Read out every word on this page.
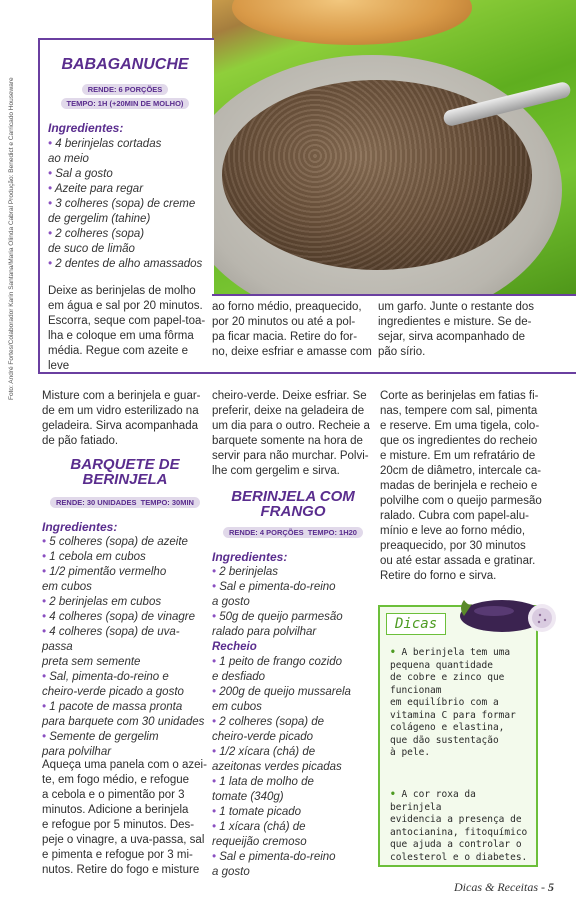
Foto: André Fortes/Colaborador Karin Santana/Maria Olinda Cabral Produção: Benedict e Carricado Houseware
BABAGANUCHE
RENDE: 6 PORÇÕES
TEMPO: 1H (+20MIN DE MOLHO)
Ingredientes:
• 4 berinjelas cortadas
ao meio
• Sal a gosto
• Azeite para regar
• 3 colheres (sopa) de creme
de gergelim (tahine)
• 2 colheres (sopa)
de suco de limão
• 2 dentes de alho amassados
Deixe as berinjelas de molho
em água e sal por 20 minutos.
Escorra, seque com papel-toa-
lha e coloque em uma fôrma
média. Regue com azeite e leve
ao forno médio, preaquecido,
por 20 minutos ou até a pol-
pa ficar macia. Retire do for-
no, deixe esfriar e amasse com
um garfo. Junte o restante dos
ingredientes e misture. Se de-
sejar, sirva acompanhado de
pão sírio.
Misture com a berinjela e guar-
de em um vidro esterilizado na
geladeira. Sirva acompanhada
de pão fatiado.
BARQUETE DE
BERINJELA
RENDE: 30 UNIDADES TEMPO: 30MIN
Ingredientes:
• 5 colheres (sopa) de azeite
• 1 cebola em cubos
• 1/2 pimentão vermelho
em cubos
• 2 berinjelas em cubos
• 4 colheres (sopa) de vinagre
• 4 colheres (sopa) de uva-passa
preta sem semente
• Sal, pimenta-do-reino e
cheiro-verde picado a gosto
• 1 pacote de massa pronta
para barquete com 30 unidades
• Semente de gergelim
para polvilhar
Aqueça uma panela com o azei-
te, em fogo médio, e refogue
a cebola e o pimentão por 3
minutos. Adicione a berinjela
e refogue por 5 minutos. Des-
peje o vinagre, a uva-passa, sal
e pimenta e refogue por 3 mi-
nutos. Retire do fogo e misture
cheiro-verde. Deixe esfriar. Se
preferir, deixe na geladeira de
um dia para o outro. Recheie a
barquete somente na hora de
servir para não murchar. Polvi-
lhe com gergelim e sirva.
BERINJELA COM
FRANGO
RENDE: 4 PORÇÕES TEMPO: 1H20
Ingredientes:
• 2 berinjelas
• Sal e pimenta-do-reino
a gosto
• 50g de queijo parmesão
ralado para polvilhar
Recheio
• 1 peito de frango cozido
e desfiado
• 200g de queijo mussarela
em cubos
• 2 colheres (sopa) de
cheiro-verde picado
• 1/2 xícara (chá) de
azeitonas verdes picadas
• 1 lata de molho de
tomate (340g)
• 1 tomate picado
• 1 xícara (chá) de
requeijão cremoso
• Sal e pimenta-do-reino
a gosto
Corte as berinjelas em fatias fi-
nas, tempere com sal, pimenta
e reserve. Em uma tigela, colo-
que os ingredientes do recheio
e misture. Em um refratário de
20cm de diâmetro, intercale ca-
madas de berinjela e recheio e
polvilhe com o queijo parmesão
ralado. Cubra com papel-alu-
mínio e leve ao forno médio,
preaquecido, por 30 minutos
ou até estar assada e gratinar.
Retire do forno e sirva.
Dicas
• A berinjela tem uma
pequena quantidade
de cobre e zinco que
funcionam
em equilíbrio com a
vitamina C para formar
colágeno e elastina,
que dão sustentação
à pele.
• A cor roxa da berinjela
evidencia a presença de
antocianina, fitoquímico
que ajuda a controlar o
colesterol e o diabetes.
Dicas & Receitas - 5
